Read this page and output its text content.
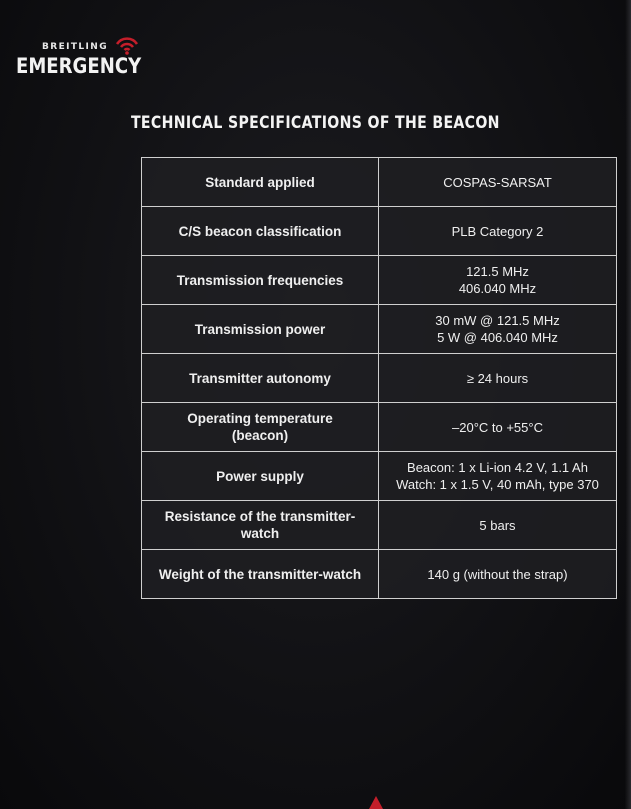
BREITLING
EMERGENCY
TECHNICAL SPECIFICATIONS OF THE BEACON
Standard applied	COSPAS-SARSAT

C/S beacon classification	PLB Category 2

Transmission frequencies	121.5 MHz
406.040 MHz

Transmission power	30 mW @ 121.5 MHz
5 W @ 406.040 MHz

Transmitter autonomy	≥ 24 hours

Operating temperature
(beacon)	–20°C to +55°C

Power supply	Beacon: 1 x Li-ion 4.2 V, 1.1 Ah
Watch: 1 x 1.5 V, 40 mAh, type 370

Resistance of the transmitter-watch	5 bars

Weight of the transmitter-watch	140 g (without the strap)
